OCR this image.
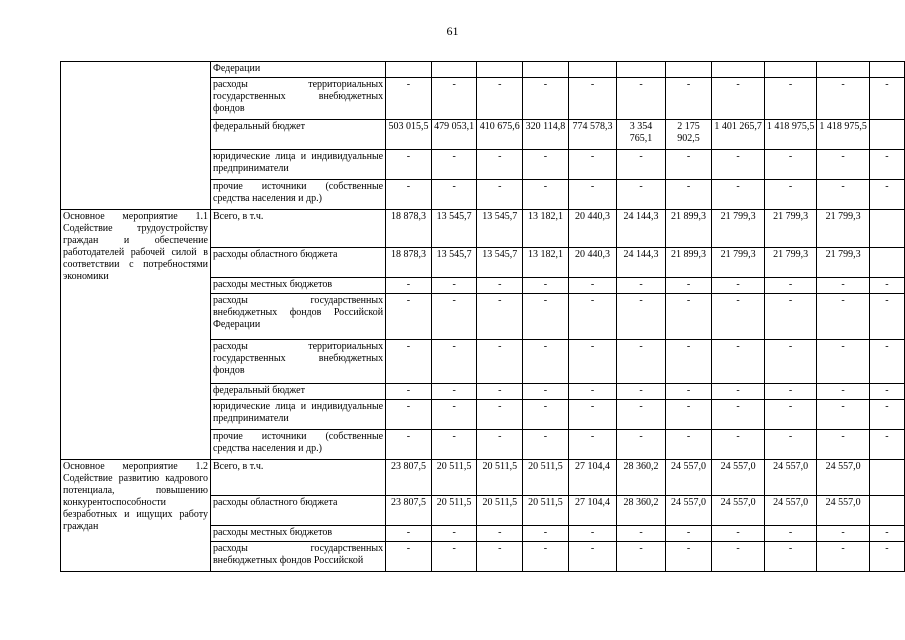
61
	Федерации											
	расходы территориальных государственных внебюджетных фондов	-	-	-	-	-	-	-	-	-	-	-
	федеральный бюджет	503 015,5	479 053,1	410 675,6	320 114,8	774 578,3	3 354 765,1	2 175 902,5	1 401 265,7	1 418 975,5	1 418 975,5	
	юридические лица и индивидуальные предприниматели	-	-	-	-	-	-	-	-	-	-	-
	прочие источники (собственные средства населения и др.)	-	-	-	-	-	-	-	-	-	-	-
Основное мероприятие 1.1 Содействие трудоустройству граждан и обеспечение работодателей рабочей силой в соответствии с потребностями экономики	Всего, в т.ч.	18 878,3	13 545,7	13 545,7	13 182,1	20 440,3	24 144,3	21 899,3	21 799,3	21 799,3	21 799,3	
	расходы областного бюджета	18 878,3	13 545,7	13 545,7	13 182,1	20 440,3	24 144,3	21 899,3	21 799,3	21 799,3	21 799,3	
	расходы местных бюджетов	-	-	-	-	-	-	-	-	-	-	-
	расходы государственных внебюджетных фондов Российской Федерации	-	-	-	-	-	-	-	-	-	-	-
	расходы территориальных государственных внебюджетных фондов	-	-	-	-	-	-	-	-	-	-	-
	федеральный бюджет	-	-	-	-	-	-	-	-	-	-	-
	юридические лица и индивидуальные предприниматели	-	-	-	-	-	-	-	-	-	-	-
	прочие источники (собственные средства населения и др.)	-	-	-	-	-	-	-	-	-	-	-
Основное мероприятие 1.2 Содействие развитию кадрового потенциала, повышению конкурентоспособности безработных и ищущих работу граждан	Всего, в т.ч.	23 807,5	20 511,5	20 511,5	20 511,5	27 104,4	28 360,2	24 557,0	24 557,0	24 557,0	24 557,0	
	расходы областного бюджета	23 807,5	20 511,5	20 511,5	20 511,5	27 104,4	28 360,2	24 557,0	24 557,0	24 557,0	24 557,0	
	расходы местных бюджетов	-	-	-	-	-	-	-	-	-	-	-
	расходы государственных внебюджетных фондов Российской	-	-	-	-	-	-	-	-	-	-	-
